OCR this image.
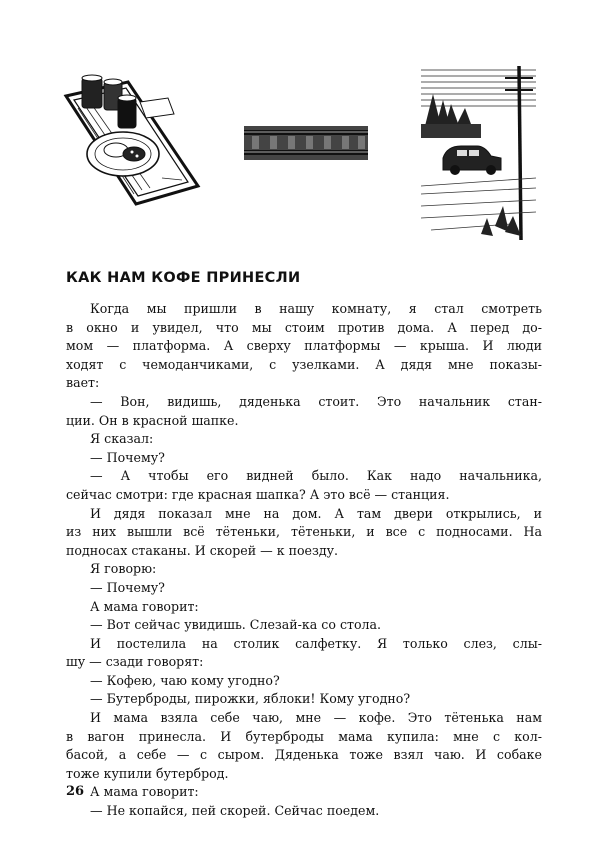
КАК НАМ КОФЕ ПРИНЕСЛИ
Когда мы пришли в нашу комнату, я стал смотреть
в окно и увидел, что мы стоим против дома. А перед до-
мом — платформа. А сверху платформы — крыша. И люди
ходят с чемоданчиками, с узелками. А дядя мне показы-
вает:
— Вон, видишь, дяденька стоит. Это начальник стан-
ции. Он в красной шапке.
Я сказал:
— Почему?
— А чтобы его видней было. Как надо начальника,
сейчас смотри: где красная шапка? А это всё — станция.
И дядя показал мне на дом. А там двери открылись, и
из них вышли всё тётеньки, тётеньки, и все с подносами. На
подносах стаканы. И скорей — к поезду.
Я говорю:
— Почему?
А мама говорит:
— Вот сейчас увидишь. Слезай-ка со стола.
И постелила на столик салфетку. Я только слез, слы-
шу — сзади говорят:
— Кофею, чаю кому угодно?
— Бутерброды, пирожки, яблоки! Кому угодно?
И мама взяла себе чаю, мне — кофе. Это тётенька нам
в вагон принесла. И бутерброды мама купила: мне с кол-
басой, а себе — с сыром. Дяденька тоже взял чаю. И собаке
тоже купили бутерброд.
А мама говорит:
— Не копайся, пей скорей. Сейчас поедем.
26
